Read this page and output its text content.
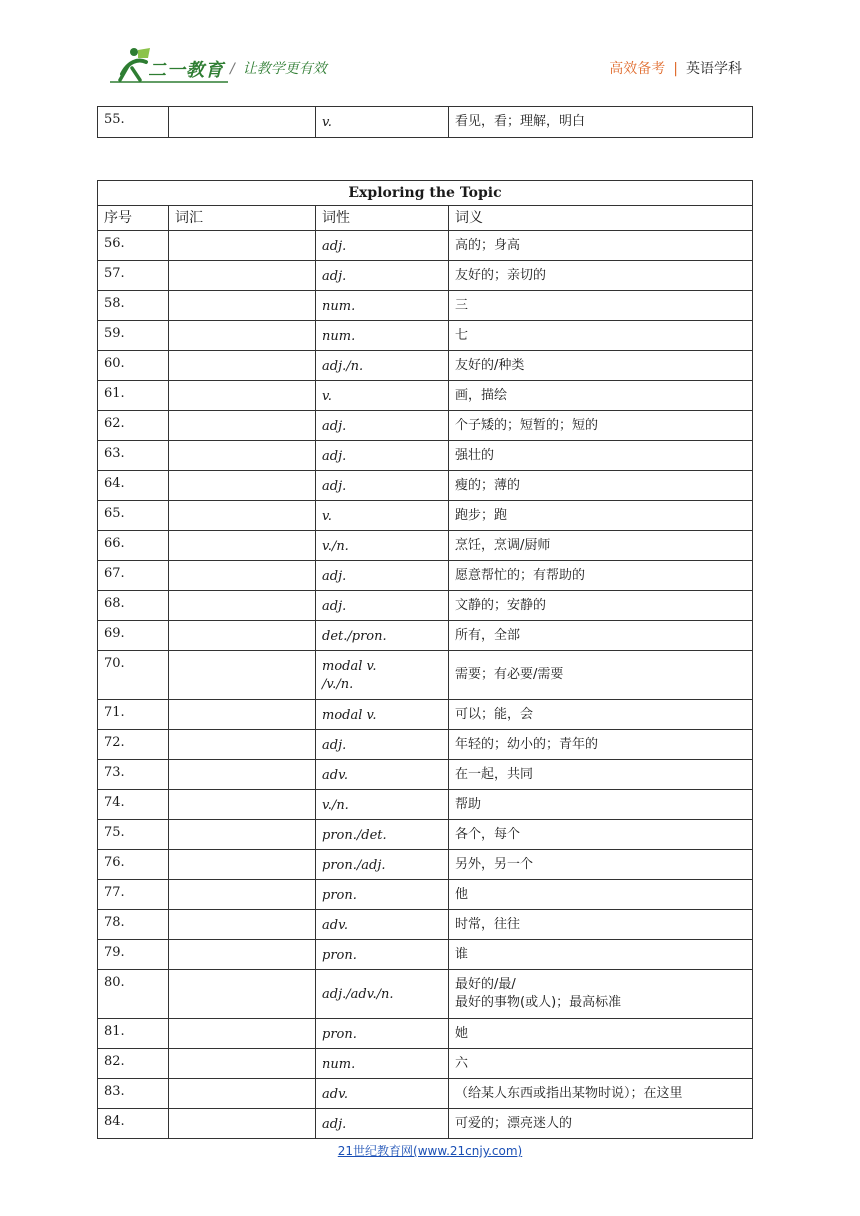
二一教育 / 让教学更有效	高效备考 | 英语学科
55.		v.	看见，看；理解，明白
Exploring the Topic			
序号	词汇	词性	词义
56.		adj.	高的；身高
57.		adj.	友好的；亲切的
58.		num.	三
59.		num.	七
60.		adj./n.	友好的/种类
61.		v.	画，描绘
62.		adj.	个子矮的；短暂的；短的
63.		adj.	强壮的
64.		adj.	瘦的；薄的
65.		v.	跑步；跑
66.		v./n.	烹饪，烹调/厨师
67.		adj.	愿意帮忙的；有帮助的
68.		adj.	文静的；安静的
69.		det./pron.	所有，全部
70.		modal v.
/v./n.	需要；有必要/需要
71.		modal v.	可以；能，会
72.		adj.	年轻的；幼小的；青年的
73.		adv.	在一起，共同
74.		v./n.	帮助
75.		pron./det.	各个，每个
76.		pron./adj.	另外，另一个
77.		pron.	他
78.		adv.	时常，往往
79.		pron.	谁
80.		adj./adv./n.	最好的/最/
最好的事物(或人)；最高标准
81.		pron.	她
82.		num.	六
83.		adv.	（给某人东西或指出某物时说）；在这里
84.		adj.	可爱的；漂亮迷人的
21世纪教育网(www.21cnjy.com)
